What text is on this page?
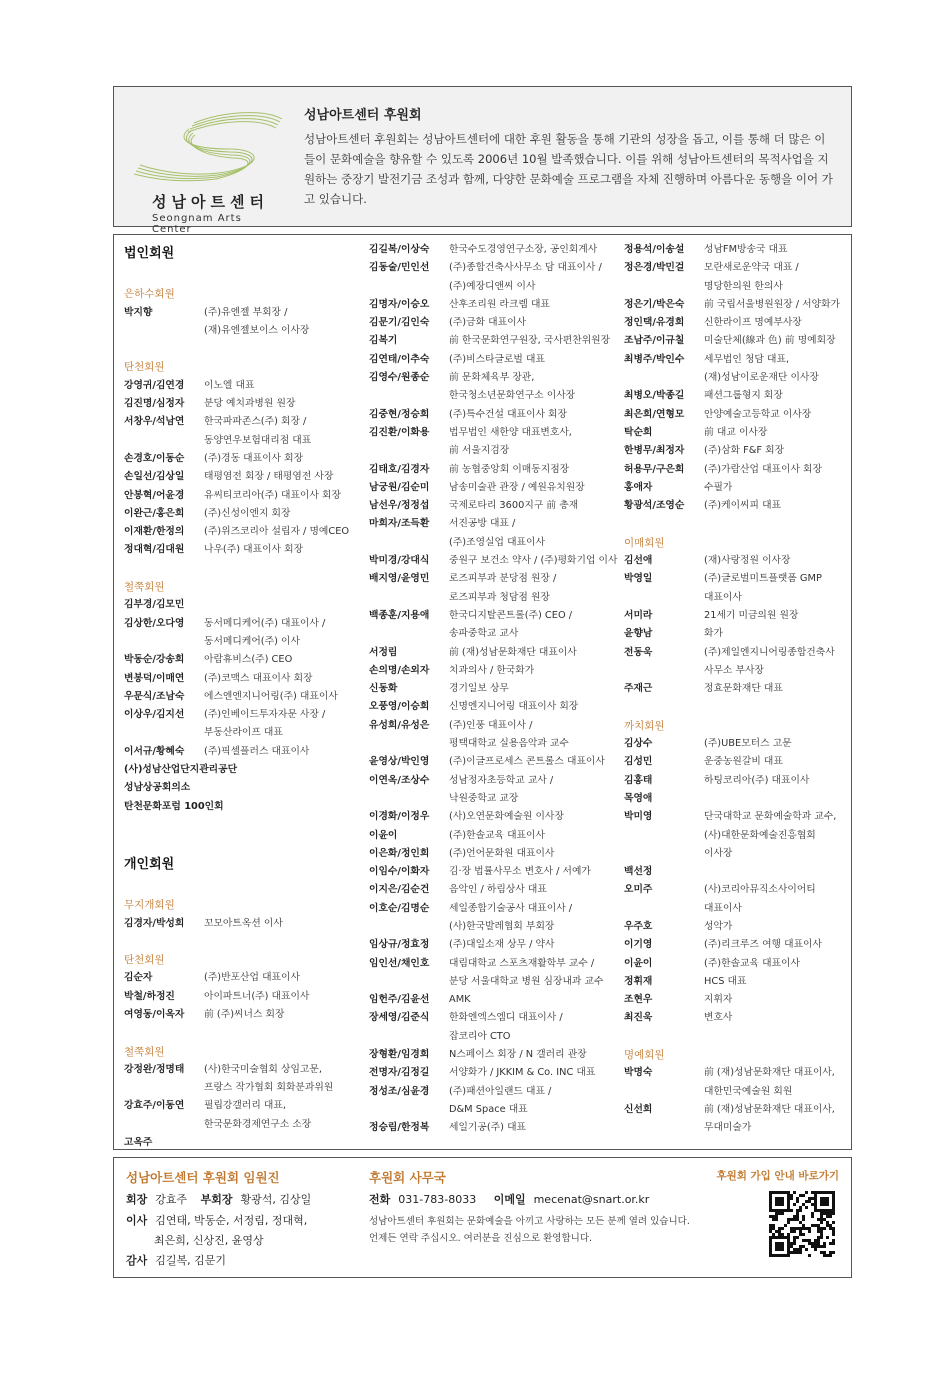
성남아트센터
Seongnam Arts Center
성남아트센터 후원회
성남아트센터 후원회는 성남아트센터에 대한 후원 활동을 통해 기관의 성장을 돕고, 이를 통해 더 많은 이들이 문화예술을 향유할 수 있도록 2006년 10월 발족했습니다. 이를 위해 성남아트센터의 목적사업을 지원하는 중장기 발전기금 조성과 함께, 다양한 문화예술 프로그램을 자체 진행하며 아름다운 동행을 이어 가고 있습니다.
법인회원
은하수회원
박지향	(주)유엔젤 부회장 /
(재)유엔젤보이스 이사장
탄천회원
강영귀/김연경	이노엘 대표
김진명/심정자	분당 예치과병원 원장
서창우/석남연	한국파파존스(주) 회장 /
동양연우보험대리점 대표
손경호/이동순	(주)경동 대표이사 회장
손일선/김상일	태평염전 회장 / 태평염전 사장
안봉혁/어윤경	유씨티코리아(주) 대표이사 회장
이완근/홍은희	(주)신성이엔지 회장
이재환/한정의	(주)위즈코리아 설립자 / 명예CEO
정대혁/김대원	나우(주) 대표이사 회장
철쭉회원
김부경/김모민
김상한/오다영	동서메디케어(주) 대표이사 /
동서메디케어(주) 이사
박동순/강송희	아람휴비스(주) CEO
변봉덕/이매연	(주)코맥스 대표이사 회장
우문식/조남숙	에스엔엔지니어링(주) 대표이사
이상우/김지선	(주)인베이드투자자문 사장 /
부동산라이프 대표
이서규/황혜숙	(주)픽셀플러스 대표이사
(사)성남산업단지관리공단
성남상공회의소
탄천문화포럼 100인회
개인회원
무지개회원
김경자/박성희	꼬모아트옥션 이사
탄천회원
김순자	(주)반포산업 대표이사
박철/하정진	아이파트너(주) 대표이사
여영동/이옥자	前 (주)씨너스 회장
철쭉회원
강정완/정명태	(사)한국미술협회 상임고문,
프랑스 작가협회 회화분과위원
강효주/이동연	필립강갤러리 대표,
한국문화경제연구소 소장
고옥주
김길복/이상숙	한국수도경영연구소장, 공인회계사
김동술/민인선	(주)종합건축사사무소 담 대표이사 /
(주)예장디앤씨 이사
김명자/이승오	산후조리원 라크렘 대표
김문기/김인숙	(주)금화 대표이사
김복기	前 한국문화연구원장, 국사편찬위원장
김연태/이추숙	(주)비스타글로벌 대표
김영수/원종순	前 문화체육부 장관,
한국청소년문화연구소 이사장
김중현/정승희	(주)특수건설 대표이사 회장
김진환/이화용	법무법인 새한양 대표변호사,
前 서울지검장
김태호/김경자	前 농협중앙회 이매동지점장
남궁원/김순미	남송미술관 관장 / 예원유치원장
남선우/정정섭	국제로타리 3600지구 前 총재
마희자/조득환	서진공방 대표 /
(주)조영실업 대표이사
박미경/강대식	중원구 보건소 약사 / (주)평화기업 이사
배지영/윤영민	로즈피부과 분당점 원장 /
로즈피부과 청담점 원장
백종훈/지용애	한국디지탈콘트롤(주) CEO /
송파중학교 교사
서정림	前 (재)성남문화재단 대표이사
손의명/손외자	치과의사 / 한국화가
신동화	경기일보 상무
오풍영/이승희	신명엔지니어링 대표이사 회장
유성희/유성은	(주)인풍 대표이사 /
평택대학교 실용음악과 교수
윤영상/박인영	(주)이글프로세스 콘트롤스 대표이사
이연옥/조상수	성남정자초등학교 교사 /
낙원중학교 교장
이경화/이정우	(사)오연문화예술원 이사장
이윤이	(주)한솔교육 대표이사
이은화/정인희	(주)언어문화원 대표이사
이임수/이화자	김·장 법률사무소 변호사 / 서예가
이지은/김순건	음악인 / 하림상사 대표
이호순/김명순	세일종합기술공사 대표이사 /
(사)한국발레협회 부회장
임상규/정효정	(주)대일소재 상무 / 약사
임인선/채인호	대림대학교 스포츠재활학부 교수 /
분당 서울대학교 병원 심장내과 교수
임헌주/김윤선	AMK
장세영/김준식	한화엔엑스엠디 대표이사 /
잡코리아 CTO
장형환/임경희	N스페이스 회장 / N 갤러리 관장
전명자/김정길	서양화가 / JKKIM & Co. INC 대표
정성조/심윤경	(주)패션아일랜드 대표 /
D&M Space 대표
정승림/한정복	세일기공(주) 대표
정용석/이송설	성남FM방송국 대표
정은경/박민걸	모란새로운약국 대표 /
명당한의원 한의사
정은기/박은숙	前 국립서울병원원장 / 서양화가
정인택/유경희	신한라이프 명예부사장
조남주/이규칠	미술단체(線과 色) 前 명예회장
최병주/박인수	세무법인 청담 대표,
(재)성남이로운재단 이사장
최병오/박종길	패션그룹형지 회장
최은희/연형모	안양예술고등학교 이사장
탁순희	前 대교 이사장
한병무/최정자	(주)삼화 F&F 회장
허용무/구은희	(주)가람산업 대표이사 회장
홍애자	수필가
황광석/조영순	(주)케이씨피 대표
이매회원
김선애	(재)사랑정원 이사장
박영일	(주)글로벌미트플랫폼 GMP
대표이사
서미라	21세기 미금의원 원장
윤향남	화가
전동욱	(주)제일엔지니어링종합건축사
사무소 부사장
주재근	정효문화재단 대표
까치회원
김상수	(주)UBE모터스 고문
김성민	운중농원갈비 대표
김홍태	하팅코리아(주) 대표이사
목영애
박미영	단국대학교 문화예술학과 교수,
(사)대한문화예술진흥협회
이사장
백선정
오미주	(사)코리아뮤직소사이어티
대표이사
우주호	성악가
이기영	(주)리크루즈 여행 대표이사
이윤이	(주)한솔교육 대표이사
정휘재	HCS 대표
조현우	지휘자
최진욱	변호사
명예회원
박명숙	前 (재)성남문화재단 대표이사,
대한민국예술원 회원
신선희	前 (재)성남문화재단 대표이사,
무대미술가
성남아트센터 후원회 임원진
회장 강효주 부회장 황광석, 김상일
이사 김연태, 박동순, 서정림, 정대혁,
최은희, 신상진, 윤영상
감사 김길복, 김문기
후원회 사무국
전화 031-783-8033 이메일 mecenat@snart.or.kr
성남아트센터 후원회는 문화예술을 아끼고 사랑하는 모든 분께 열려 있습니다.
언제든 연락 주십시오. 여러분을 진심으로 환영합니다.
후원회 가입 안내 바로가기
